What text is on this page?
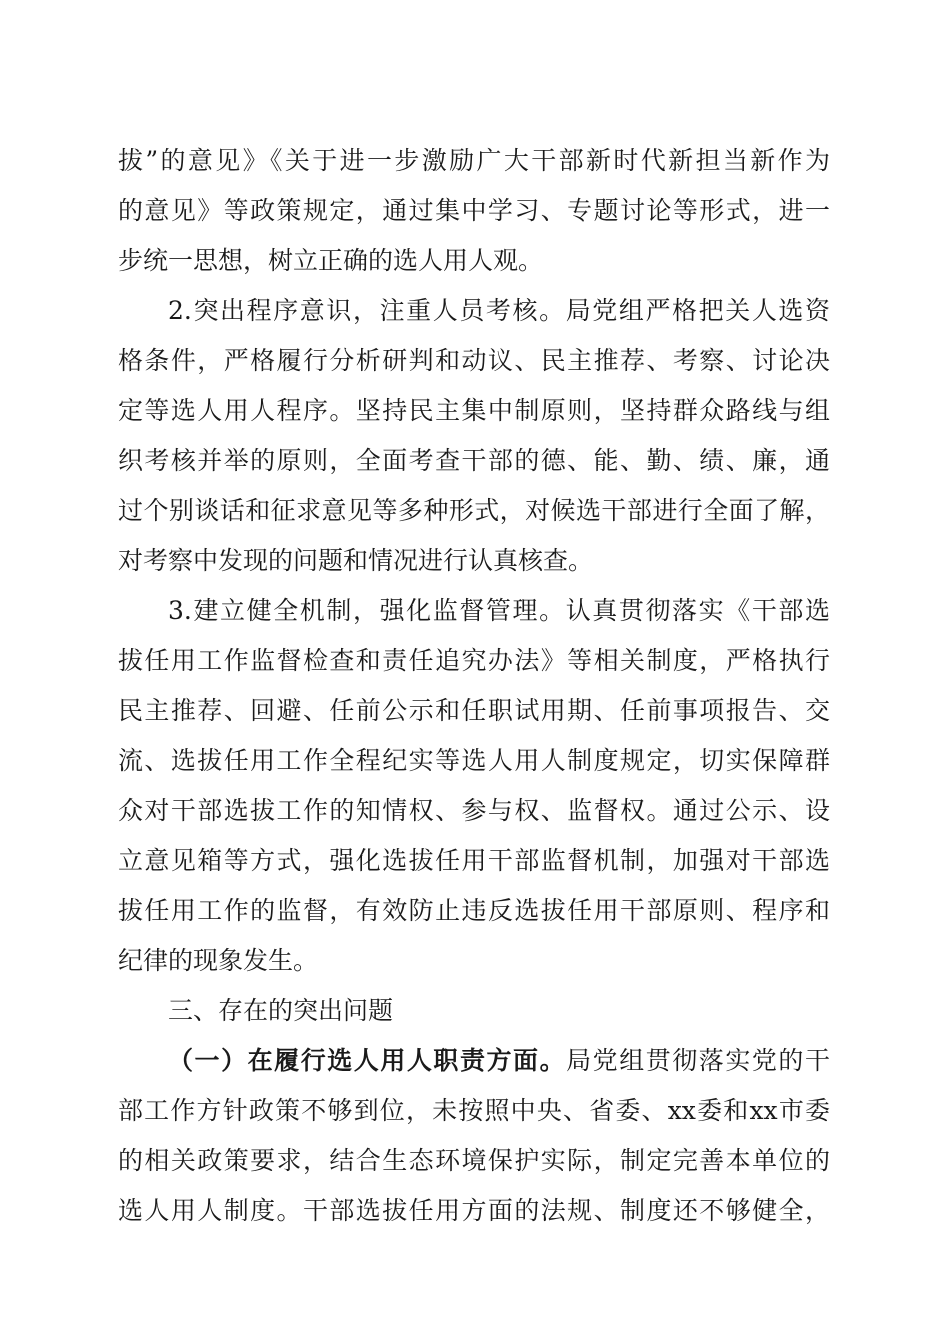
拔”的意见》《关于进一步激励广大干部新时代新担当新作为
的意见》等政策规定，通过集中学习、专题讨论等形式，进一
步统一思想，树立正确的选人用人观。
2.突出程序意识，注重人员考核。局党组严格把关人选资
格条件，严格履行分析研判和动议、民主推荐、考察、讨论决
定等选人用人程序。坚持民主集中制原则，坚持群众路线与组
织考核并举的原则，全面考查干部的德、能、勤、绩、廉，通
过个别谈话和征求意见等多种形式，对候选干部进行全面了解，
对考察中发现的问题和情况进行认真核查。
3.建立健全机制，强化监督管理。认真贯彻落实《干部选
拔任用工作监督检查和责任追究办法》等相关制度，严格执行
民主推荐、回避、任前公示和任职试用期、任前事项报告、交
流、选拔任用工作全程纪实等选人用人制度规定，切实保障群
众对干部选拔工作的知情权、参与权、监督权。通过公示、设
立意见箱等方式，强化选拔任用干部监督机制，加强对干部选
拔任用工作的监督，有效防止违反选拔任用干部原则、程序和
纪律的现象发生。
三、存在的突出问题
（一）在履行选人用人职责方面。局党组贯彻落实党的干
部工作方针政策不够到位，未按照中央、省委、xx委和xx市委
的相关政策要求，结合生态环境保护实际，制定完善本单位的
选人用人制度。干部选拔任用方面的法规、制度还不够健全，
